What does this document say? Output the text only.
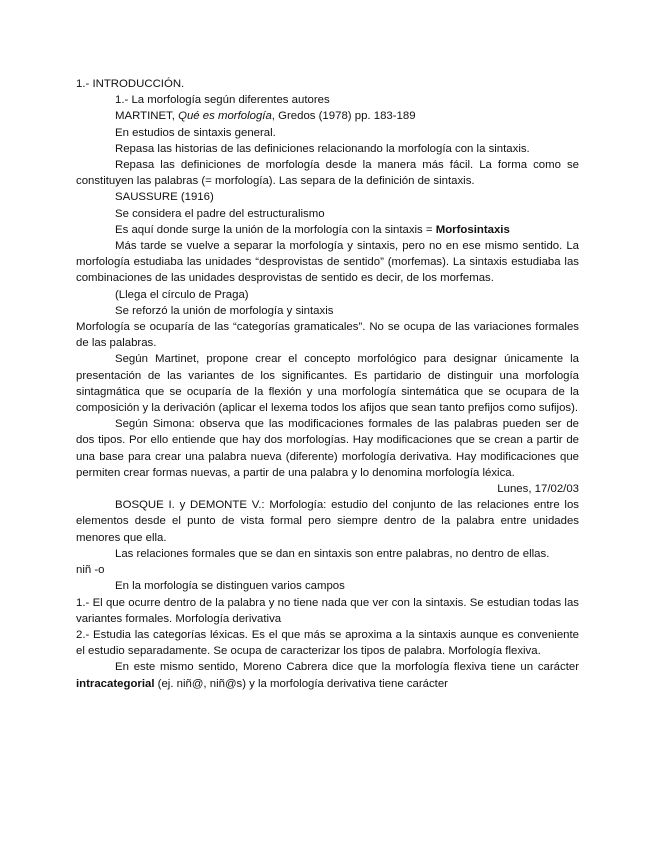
1.- INTRODUCCIÓN.

1.- La morfología según diferentes autores

MARTINET, Qué es morfología, Gredos (1978) pp. 183-189

En estudios de sintaxis general.

Repasa las historias de las definiciones relacionando la morfología con la sintaxis.

Repasa las definiciones de morfología desde la manera más fácil. La forma como se constituyen las palabras (= morfología). Las separa de la definición de sintaxis.

SAUSSURE (1916)

Se considera el padre del estructuralismo

Es aquí donde surge la unión de la morfología con la sintaxis = Morfosintaxis

Más tarde se vuelve a separar la morfología y sintaxis, pero no en ese mismo sentido. La morfología estudiaba las unidades “desprovistas de sentido” (morfemas). La sintaxis estudiaba las combinaciones de las unidades desprovistas de sentido es decir, de los morfemas.

(Llega el círculo de Praga)

Se reforzó la unión de morfología y sintaxis

Morfología se ocuparía de las “categorías gramaticales”. No se ocupa de las variaciones formales de las palabras.

Según Martinet, propone crear el concepto morfológico para designar únicamente la presentación de las variantes de los significantes. Es partidario de distinguir una morfología sintagmática que se ocuparía de la flexión y una morfología sintemática que se ocupara de la composición y la derivación (aplicar el lexema todos los afijos que sean tanto prefijos como sufijos).

Según Simona: observa que las modificaciones formales de las palabras pueden ser de dos tipos. Por ello entiende que hay dos morfologías. Hay modificaciones que se crean a partir de una base para crear una palabra nueva (diferente) morfología derivativa. Hay modificaciones que permiten crear formas nuevas, a partir de una palabra y lo denomina morfología léxica.

Lunes, 17/02/03

BOSQUE I. y DEMONTE V.: Morfología: estudio del conjunto de las relaciones entre los elementos desde el punto de vista formal pero siempre dentro de la palabra entre unidades menores que ella.

Las relaciones formales que se dan en sintaxis son entre palabras, no dentro de ellas.

niñ -o

En la morfología se distinguen varios campos

1.- El que ocurre dentro de la palabra y no tiene nada que ver con la sintaxis. Se estudian todas las variantes formales. Morfología derivativa

2.- Estudia las categorías léxicas. Es el que más se aproxima a la sintaxis aunque es conveniente el estudio separadamente. Se ocupa de caracterizar los tipos de palabra. Morfología flexiva.

En este mismo sentido, Moreno Cabrera dice que la morfología flexiva tiene un carácter intracategorial (ej. niñ@, niñ@s) y la morfología derivativa tiene carácter
